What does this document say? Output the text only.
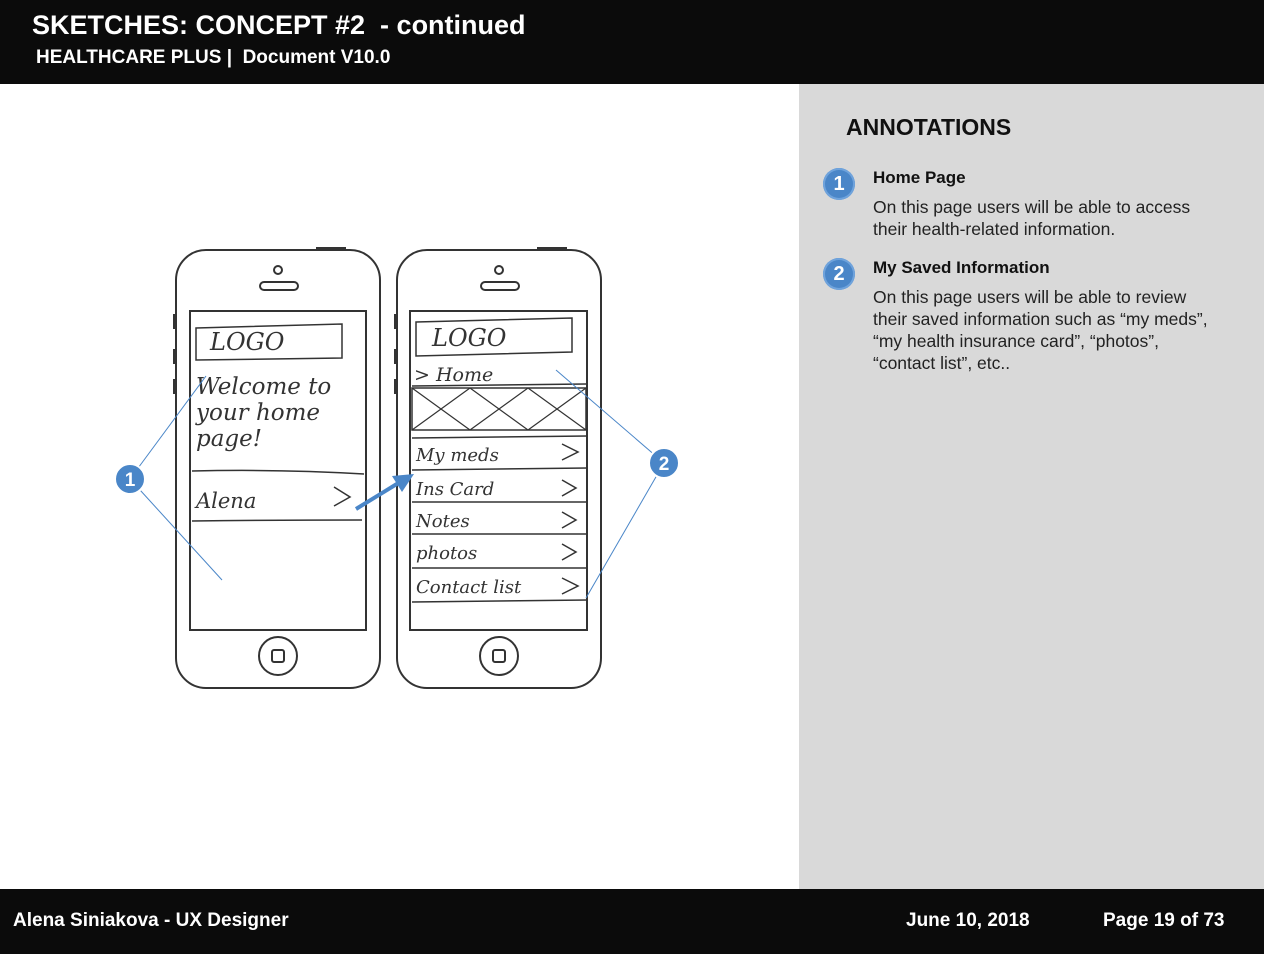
SKETCHES: CONCEPT #2  - continued
HEALTHCARE PLUS |  Document V10.0
LOGO
Welcome to
your home
page!
Alena
LOGO
> Home
My meds
Ins Card
Notes
photos
Contact list
1
2
ANNOTATIONS
1	Home Page
On this page users will be able to access their health-related information.
2	My Saved Information
On this page users will be able to review their saved information such as “my meds”, “my health insurance card”, “photos”, “contact list”, etc..
Alena Siniakova - UX Designer	June 10, 2018	Page 19 of 73
